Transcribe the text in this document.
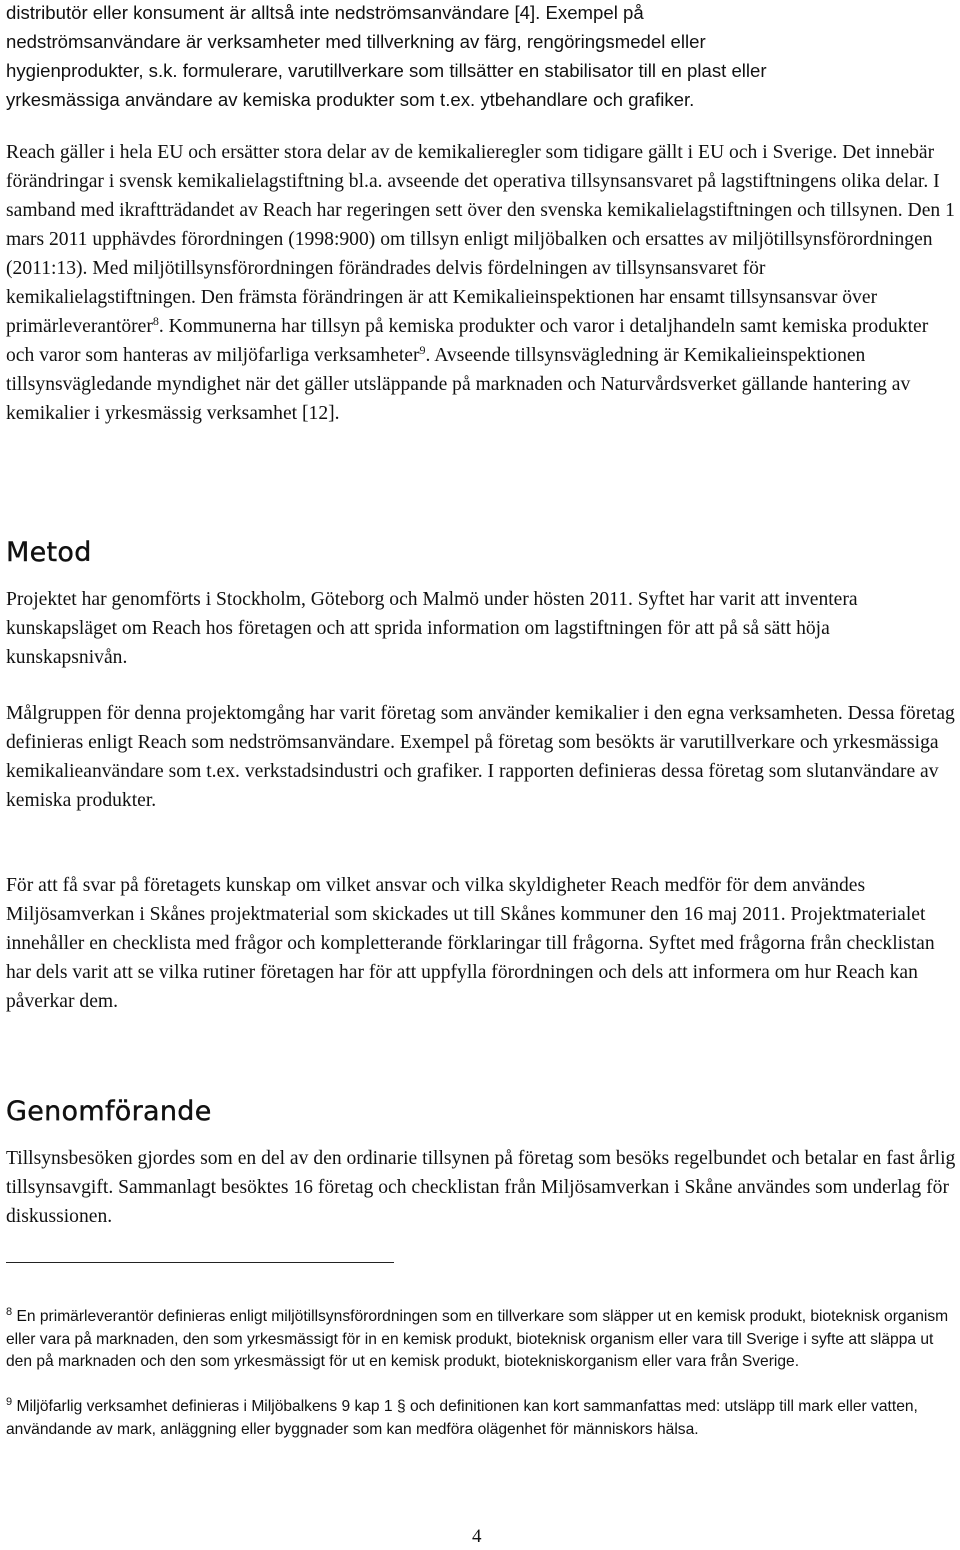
distributör eller konsument är alltså inte nedströmsanvändare [4]. Exempel på
nedströmsanvändare är verksamheter med tillverkning av färg, rengöringsmedel eller
hygienprodukter, s.k. formulerare, varutillverkare som tillsätter en stabilisator till en plast eller
yrkesmässiga användare av kemiska produkter som t.ex. ytbehandlare och grafiker.

Reach gäller i hela EU och ersätter stora delar av de kemikalieregler som tidigare gällt i EU och i Sverige. Det innebär förändringar i svensk kemikalielagstiftning bl.a. avseende det operativa tillsynsansvaret på lagstiftningens olika delar. I samband med ikraftträdandet av Reach har regeringen sett över den svenska kemikalielagstiftningen och tillsynen. Den 1 mars 2011 upphävdes förordningen (1998:900) om tillsyn enligt miljöbalken och ersattes av miljötillsynsförordningen (2011:13). Med miljötillsynsförordningen förändrades delvis fördelningen av tillsynsansvaret för kemikalielagstiftningen. Den främsta förändringen är att Kemikalieinspektionen har ensamt tillsynsansvar över primärleverantörer$^8$. Kommunerna har tillsyn på kemiska produkter och varor i detaljhandeln samt kemiska produkter och varor som hanteras av miljöfarliga verksamheter$^9$. Avseende tillsynsvägledning är Kemikalieinspektionen tillsynsvägledande myndighet när det gäller utsläppande på marknaden och Naturvårdsverket gällande hantering av kemikalier i yrkesmässig verksamhet [12].

Metod

Projektet har genomförts i Stockholm, Göteborg och Malmö under hösten 2011. Syftet har varit att inventera kunskapsläget om Reach hos företagen och att sprida information om lagstiftningen för att på så sätt höja kunskapsnivån.

Målgruppen för denna projektomgång har varit företag som använder kemikalier i den egna verksamheten. Dessa företag definieras enligt Reach som nedströmsanvändare. Exempel på företag som besökts är varutillverkare och yrkesmässiga kemikalieanvändare som t.ex. verkstadsindustri och grafiker. I rapporten definieras dessa företag som slutanvändare av kemiska produkter.

För att få svar på företagets kunskap om vilket ansvar och vilka skyldigheter Reach medför för dem användes Miljösamverkan i Skånes projektmaterial som skickades ut till Skånes kommuner den 16 maj 2011. Projektmaterialet innehåller en checklista med frågor och kompletterande förklaringar till frågorna. Syftet med frågorna från checklistan har dels varit att se vilka rutiner företagen har för att uppfylla förordningen och dels att informera om hur Reach kan påverkar dem.

Genomförande

Tillsynsbesöken gjordes som en del av den ordinarie tillsynen på företag som besöks regelbundet och betalar en fast årlig tillsynsavgift. Sammanlagt besöktes 16 företag och checklistan från Miljösamverkan i Skåne användes som underlag för diskussionen.

$^8$ En primärleverantör definieras enligt miljötillsynsförordningen som en tillverkare som släpper ut en kemisk produkt, bioteknisk organism eller vara på marknaden, den som yrkesmässigt för in en kemisk produkt, bioteknisk organism eller vara till Sverige i syfte att släppa ut den på marknaden och den som yrkesmässigt för ut en kemisk produkt, biotekniskorganism eller vara från Sverige.
$^9$ Miljöfarlig verksamhet definieras i Miljöbalkens 9 kap 1 § och definitionen kan kort sammanfattas med: utsläpp till mark eller vatten, användande av mark, anläggning eller byggnader som kan medföra olägenhet för människors hälsa.
4
